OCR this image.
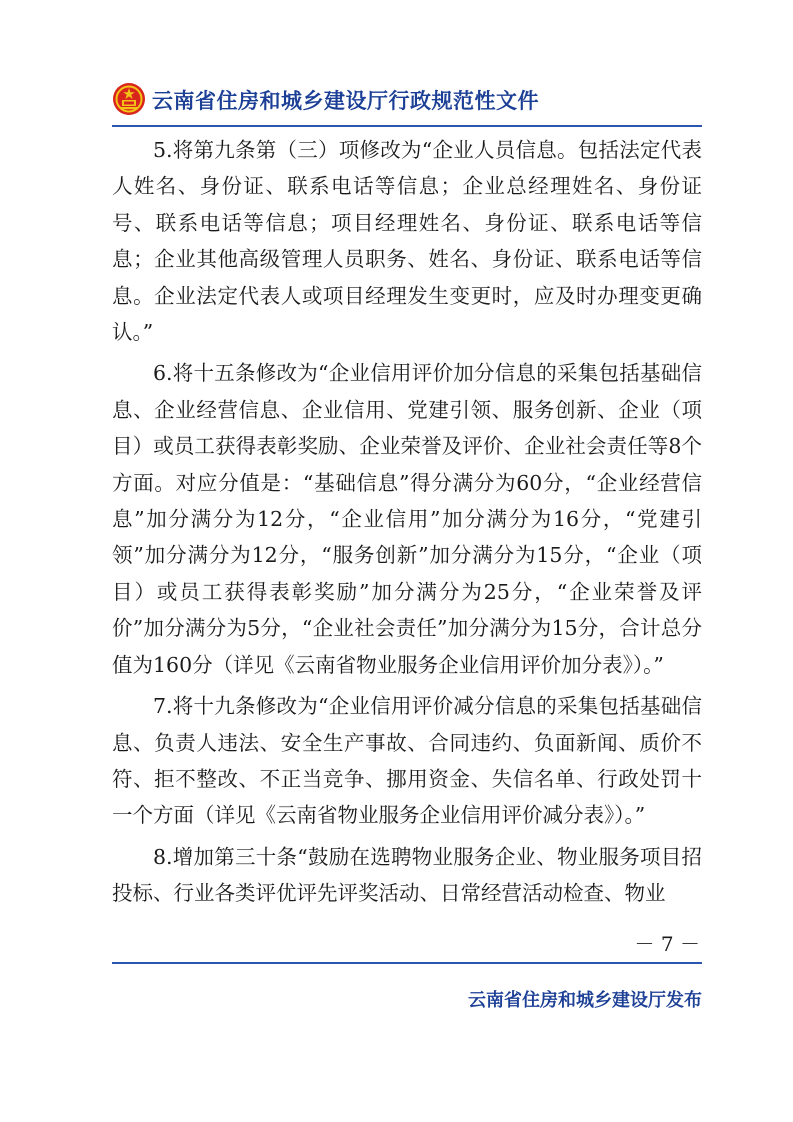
云南省住房和城乡建设厅行政规范性文件

5.将第九条第（三）项修改为“企业人员信息。包括法定代表人姓名、身份证、联系电话等信息；企业总经理姓名、身份证号、联系电话等信息；项目经理姓名、身份证、联系电话等信息；企业其他高级管理人员职务、姓名、身份证、联系电话等信息。企业法定代表人或项目经理发生变更时，应及时办理变更确认。”

6.将十五条修改为“企业信用评价加分信息的采集包括基础信息、企业经营信息、企业信用、党建引领、服务创新、企业（项目）或员工获得表彰奖励、企业荣誉及评价、企业社会责任等8个方面。对应分值是：“基础信息”得分满分为60分，“企业经营信息”加分满分为12分，“企业信用”加分满分为16分，“党建引领”加分满分为12分，“服务创新”加分满分为15分，“企业（项目）或员工获得表彰奖励”加分满分为25分，“企业荣誉及评价”加分满分为5分，“企业社会责任”加分满分为15分，合计总分值为160分（详见《云南省物业服务企业信用评价加分表》）。”

7.将十九条修改为“企业信用评价减分信息的采集包括基础信息、负责人违法、安全生产事故、合同违约、负面新闻、质价不符、拒不整改、不正当竞争、挪用资金、失信名单、行政处罚十一个方面（详见《云南省物业服务企业信用评价减分表》）。”

8.增加第三十条“鼓励在选聘物业服务企业、物业服务项目招投标、行业各类评优评先评奖活动、日常经营活动检查、物业

－ 7 －
云南省住房和城乡建设厅发布
